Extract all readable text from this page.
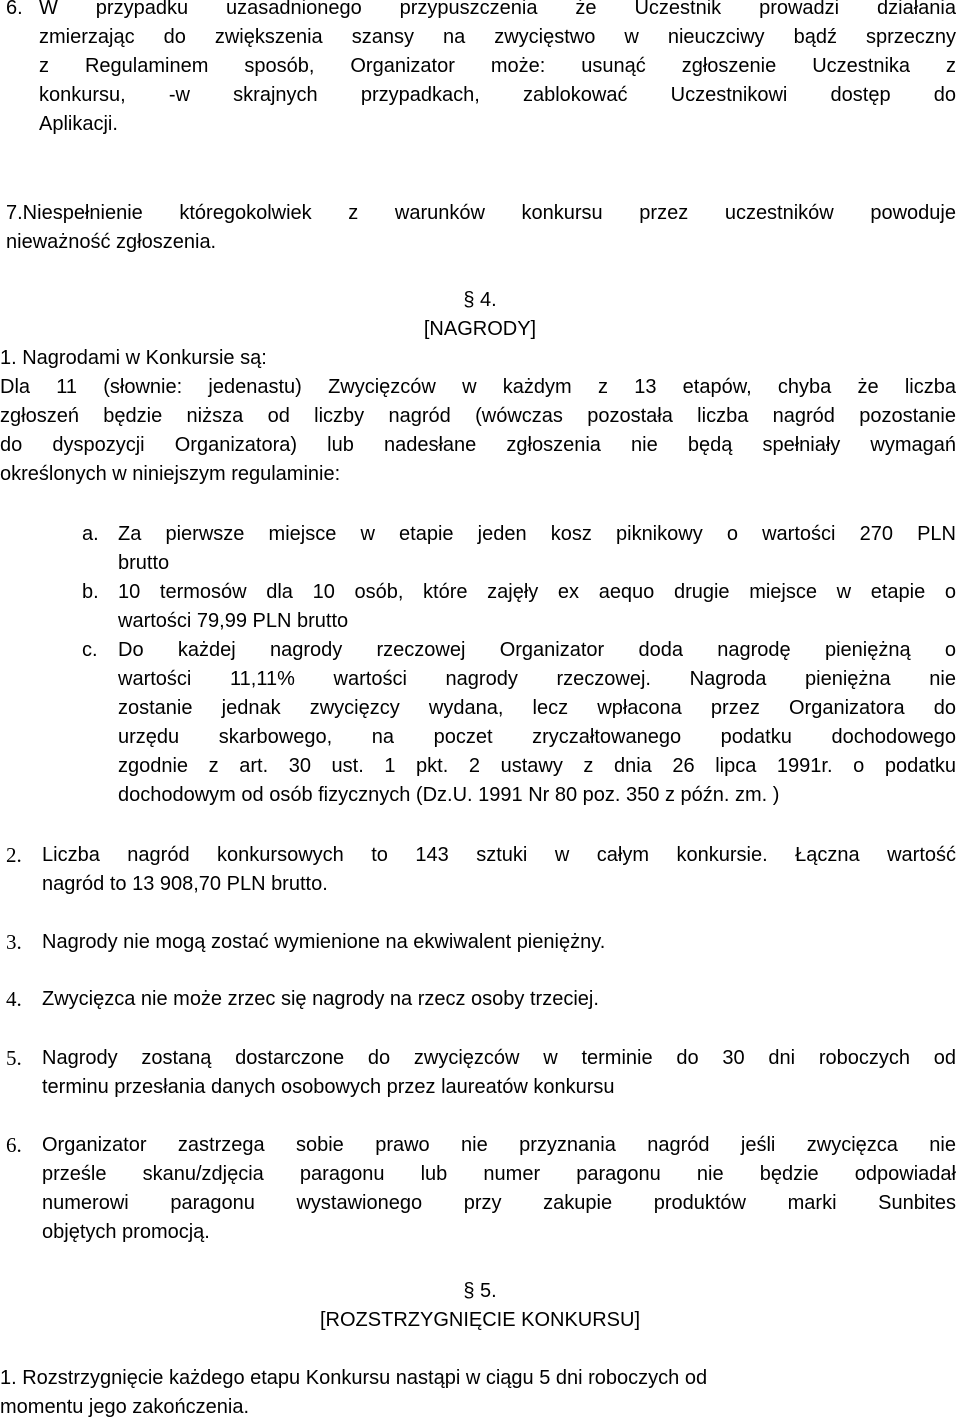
6. W przypadku uzasadnionego przypuszczenia że Uczestnik prowadzi działania
zmierzając do zwiększenia szansy na zwycięstwo w nieuczciwy bądź sprzeczny
z Regulaminem sposób, Organizator może: usunąć zgłoszenie Uczestnika z
konkursu, -w skrajnych przypadkach, zablokować Uczestnikowi dostęp do
Aplikacji.
7.Niespełnienie któregokolwiek z warunków konkursu przez uczestników powoduje
nieważność zgłoszenia.
§ 4.
[NAGRODY]
1. Nagrodami w Konkursie są:
Dla 11 (słownie: jedenastu) Zwycięzców w każdym z 13 etapów, chyba że liczba
zgłoszeń będzie niższa od liczby nagród (wówczas pozostała liczba nagród pozostanie
do dyspozycji Organizatora) lub nadesłane zgłoszenia nie będą spełniały wymagań
określonych w niniejszym regulaminie:
a. Za pierwsze miejsce w etapie jeden kosz piknikowy o wartości 270 PLN
brutto
b. 10 termosów dla 10 osób, które zajęły ex aequo drugie miejsce w etapie o
wartości 79,99 PLN brutto
c. Do każdej nagrody rzeczowej Organizator doda nagrodę pieniężną o
wartości 11,11% wartości nagrody rzeczowej. Nagroda pieniężna nie
zostanie jednak zwycięzcy wydana, lecz wpłacona przez Organizatora do
urzędu skarbowego, na poczet zryczałtowanego podatku dochodowego
zgodnie z art. 30 ust. 1 pkt. 2 ustawy z dnia 26 lipca 1991r. o podatku
dochodowym od osób fizycznych (Dz.U. 1991 Nr 80 poz. 350 z późn. zm. )
2. Liczba nagród konkursowych to 143 sztuki w całym konkursie. Łączna wartość
nagród to 13 908,70 PLN brutto.
3. Nagrody nie mogą zostać wymienione na ekwiwalent pieniężny.
4. Zwycięzca nie może zrzec się nagrody na rzecz osoby trzeciej.
5. Nagrody zostaną dostarczone do zwycięzców w terminie do 30 dni roboczych od
terminu przesłania danych osobowych przez laureatów konkursu
6. Organizator zastrzega sobie prawo nie przyznania nagród jeśli zwycięzca nie
prześle skanu/zdjęcia paragonu lub numer paragonu nie będzie odpowiadał
numerowi paragonu wystawionego przy zakupie produktów marki Sunbites
objętych promocją.
§ 5.
[ROZSTRZYGNIĘCIE KONKURSU]
1. Rozstrzygnięcie każdego etapu Konkursu nastąpi w ciągu 5 dni roboczych od
momentu jego zakończenia.
